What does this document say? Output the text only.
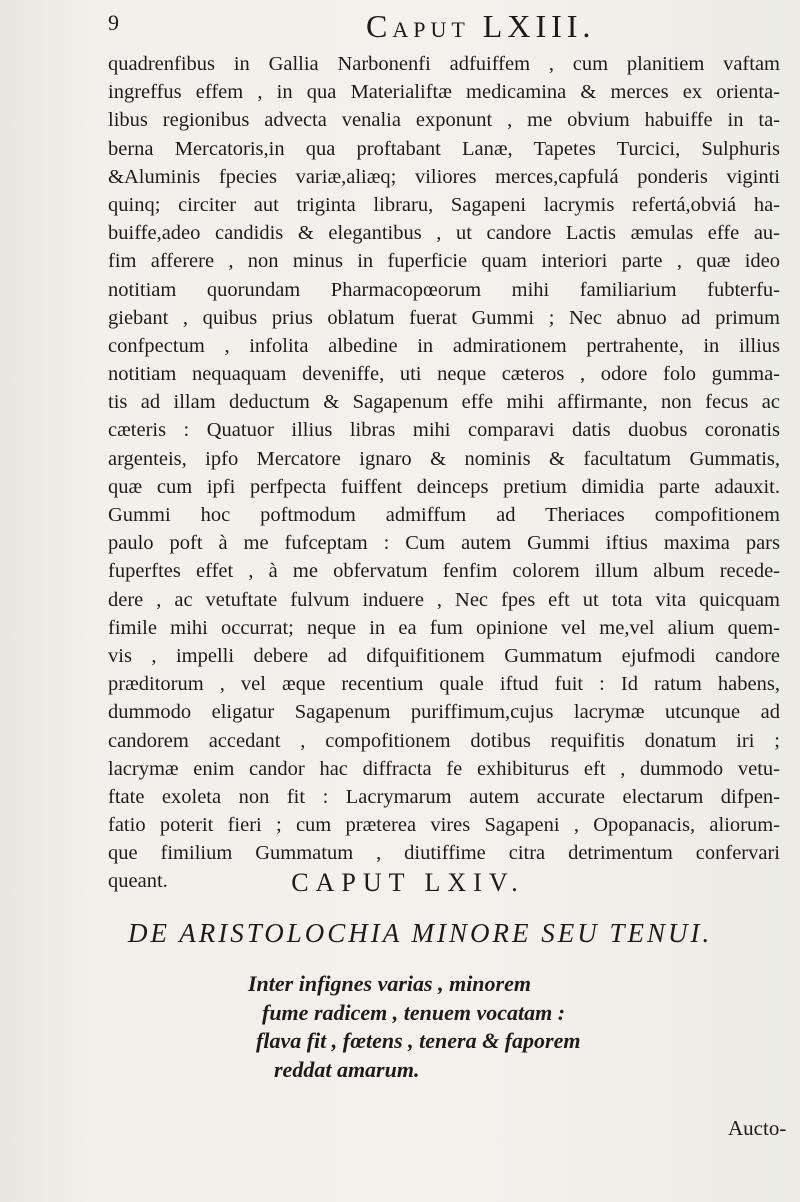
9	Caput LXIII.
quadrenfibus in Gallia Narbonenfi adfuiffem , cum planitiem vaftam
ingreffus effem , in qua Materialiftæ medicamina & merces ex orienta-
libus regionibus advecta venalia exponunt , me obvium habuiffe in ta-
berna Mercatoris,in qua proftabant Lanæ, Tapetes Turcici, Sulphuris
&Aluminis fpecies variæ,aliæq; viliores merces,capfulá ponderis viginti
quinq; circiter aut triginta libraru, Sagapeni lacrymis refertá,obviá ha-
buiffe,adeo candidis & elegantibus , ut candore Lactis æmulas effe au-
fim afferere , non minus in fuperficie quam interiori parte , quæ ideo
notitiam quorundam Pharmacopœorum mihi familiarium fubterfu-
giebant , quibus prius oblatum fuerat Gummi ; Nec abnuo ad primum
confpectum , infolita albedine in admirationem pertrahente, in illius
notitiam nequaquam deveniffe, uti neque cæteros , odore folo gumma-
tis ad illam deductum & Sagapenum effe mihi affirmante, non fecus ac
cæteris : Quatuor illius libras mihi comparavi datis duobus coronatis
argenteis, ipfo Mercatore ignaro & nominis & facultatum Gummatis,
quæ cum ipfi perfpecta fuiffent deinceps pretium dimidia parte adauxit.
Gummi hoc poftmodum admiffum ad Theriaces compofitionem
paulo poft à me fufceptam : Cum autem Gummi iftius maxima pars
fuperftes effet , à me obfervatum fenfim colorem illum album recede-
dere , ac vetuftate fulvum induere , Nec fpes eft ut tota vita quicquam
fimile mihi occurrat; neque in ea fum opinione vel me,vel alium quem-
vis , impelli debere ad difquifitionem Gummatum ejufmodi candore
præditorum , vel æque recentium quale iftud fuit : Id ratum habens,
dummodo eligatur Sagapenum puriffimum,cujus lacrymæ utcunque ad
candorem accedant , compofitionem dotibus requifitis donatum iri ;
lacrymæ enim candor hac diffracta fe exhibiturus eft , dummodo vetu-
ftate exoleta non fit : Lacrymarum autem accurate electarum difpen-
fatio poterit fieri ; cum præterea vires Sagapeni , Opopanacis, aliorum-
que fimilium Gummatum , diutiffime citra detrimentum confervari
queant.	CAPUT LXIV.
DE ARISTOLOCHIA MINORE SEU TENUI.
Inter infignes varias , minorem
fume radicem , tenuem vocatam :
flava fit , fœtens , tenera & faporem
reddat amarum.
Aucto-
